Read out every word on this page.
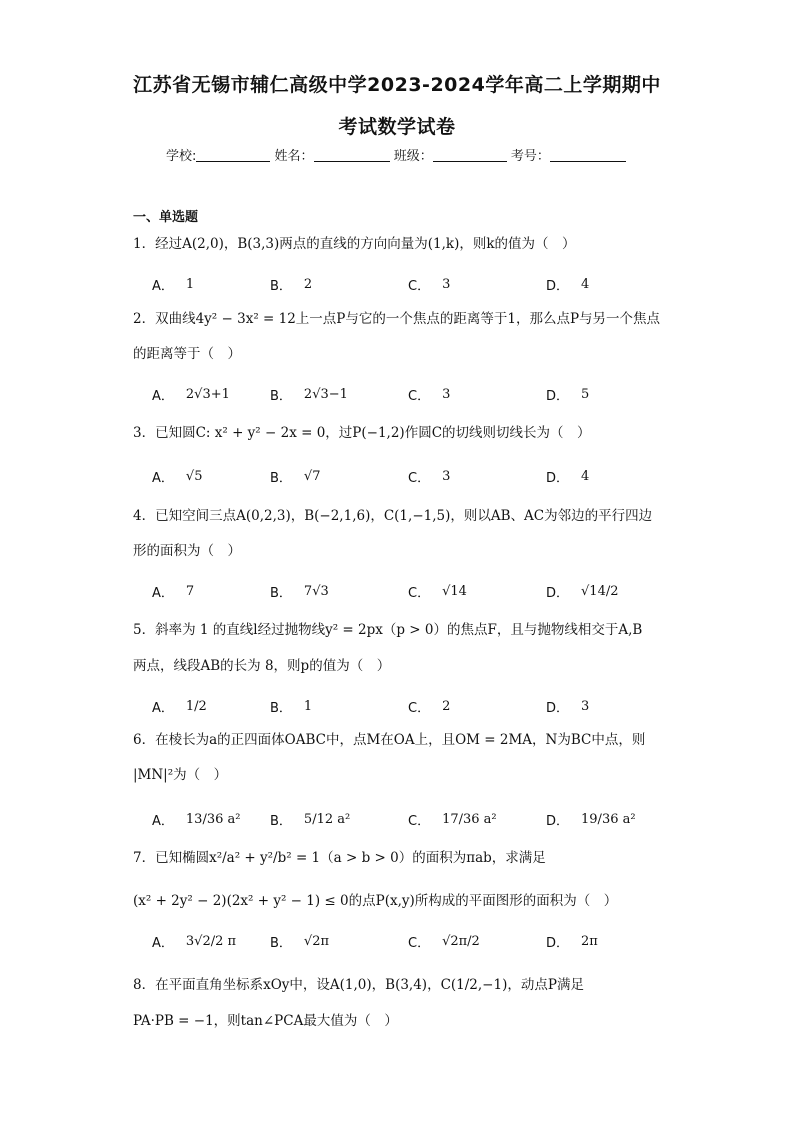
江苏省无锡市辅仁高级中学2023-2024学年高二上学期期中
考试数学试卷
学校:	姓名：	班级：	考号：
一、单选题
1．经过A(2,0)，B(3,3)两点的直线的方向向量为(1,k)，则k的值为（　）
A． 1	B． 2	C． 3	D． 4
2．双曲线4y² − 3x² = 12上一点P与它的一个焦点的距离等于1，那么点P与另一个焦点
的距离等于（　）
A． 2√3+1	B． 2√3−1	C． 3	D． 5
3．已知圆C: x² + y² − 2x = 0，过P(−1,2)作圆C的切线则切线长为（　）
A． √5	B． √7	C． 3	D． 4
4．已知空间三点A(0,2,3)，B(−2,1,6)，C(1,−1,5)，则以AB、AC为邻边的平行四边
形的面积为（　）
A． 7	B． 7√3	C． √14	D． √14/2
5．斜率为 1 的直线l经过抛物线y² = 2px（p > 0）的焦点F，且与抛物线相交于A,B
两点，线段AB的长为 8，则p的值为（　）
A． 1/2	B． 1	C． 2	D． 3
6．在棱长为a的正四面体OABC中，点M在OA上，且OM = 2MA，N为BC中点，则
|MN|²为（　）
A． 13/36 a² B． 5/12 a²	C． 17/36 a²	D． 19/36 a²
7．已知椭圆x²/a² + y²/b² = 1（a > b > 0）的面积为πab，求满足
(x² + 2y² − 2)(2x² + y² − 1) ≤ 0的点P(x,y)所构成的平面图形的面积为（　）
A． 3√2/2 π	B． √2π	C． √2π/2	D． 2π
8．在平面直角坐标系xOy中，设A(1,0)，B(3,4)，C(1/2,−1)，动点P满足
PA·PB = −1，则tan∠PCA最大值为（　）
